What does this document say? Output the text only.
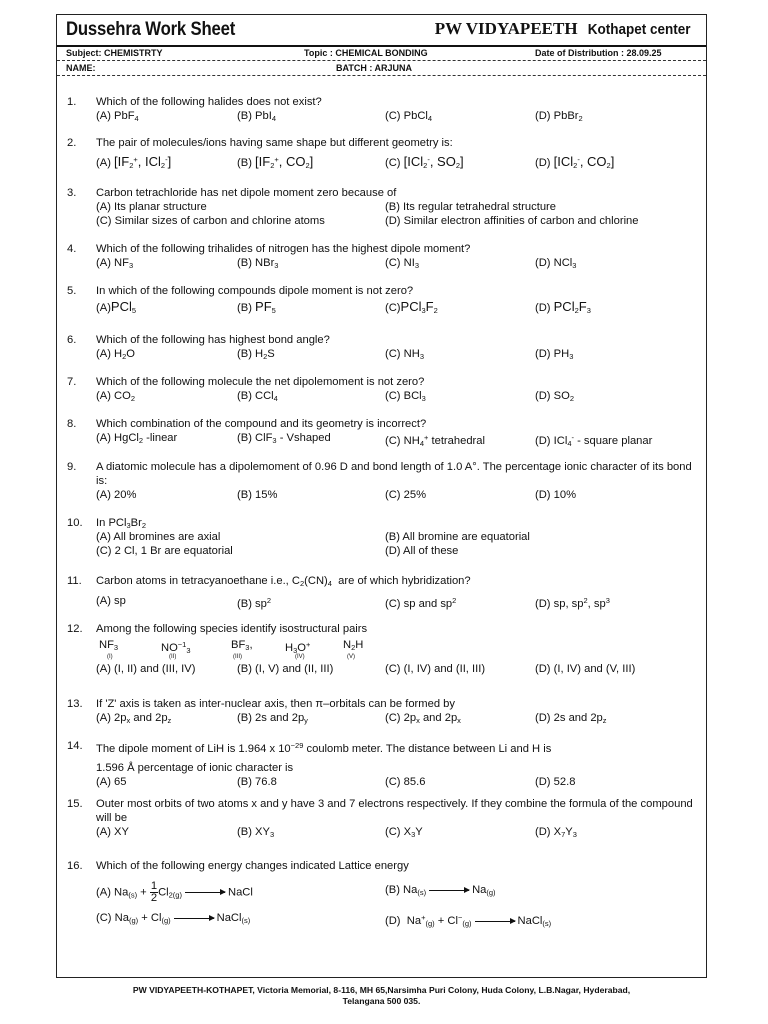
Dussehra Work Sheet	PW VIDYAPEETH Kothapet center
Subject: CHEMISTRTY	Topic : CHEMICAL BONDING	Date of Distribution : 28.09.25
NAME:	BATCH : ARJUNA
1. Which of the following halides does not exist?
(A) PbF$_4$	(B) PbI$_4$	(C) PbCl$_4$	(D) PbBr$_2$
2. The pair of molecules/ions having same shape but different geometry is:
(A) [$IF_2^+$, ICl$_2$-]	(B) [$IF_2^+$, $CO_2$]	(C) [ICl$_2$-, $SO_2$]	(D) [ICl$_2$-, $CO_2$]
3. Carbon tetrachloride has net dipole moment zero because of
(A) Its planar structure	(B) Its regular tetrahedral structure
(C) Similar sizes of carbon and chlorine atoms	(D) Similar electron affinities of carbon and chlorine
4. Which of the following trihalides of nitrogen has the highest dipole moment?
(A) $NF_3$	(B) NBr$_3$	(C) $NI_3$	(D) NCl$_3$
5. In which of the following compounds dipole moment is not zero?
(A)PCl$_5$	(B) $PF_5$	$(C)PCl_3F_2$	(D) $PCl_2F_3$
6. Which of the following has highest bond angle?
(A) $H_2O$	(B) $H_2S$	(C) $NH_3$	(D) $PH_3$
7. Which of the following molecule the net dipolemoment is not zero?
(A) $CO_2$	(B) CCl$_4$	(C) BCl$_3$	(D) $SO_2$
8. Which combination of the compound and its geometry is incorrect?
(A) HgCl$_2$ -linear	(B) ClF$_3$ - Vshaped	(C) $NH_4^+$ tetrahedral	(D) ICl$_4$- - square planar
9. A diatomic molecule has a dipolemoment of 0.96 D and bond length of 1.0 A°. The percentage ionic character of its bond is:
(A) 20%	(B) 15%	(C) 25%	(D) 10%
10. In $PCl_3Br_2$
(A) All bromines are axial	(B) All bromine are equatorial
(C) 2 Cl, 1 Br are equatorial	(D) All of these
11. Carbon atoms in tetracyanoethane i.e., $C_2(CN)_4$  are of which hybridization?
(A) sp	(B) $sp^2$	(C) sp and $sp^2$	(D) sp, $sp^2$, $sp^3$
12. Among the following species identify isostructural pairs
$NF_3$
(I)
$NO^{-1}_3$
(II)
$BF_3$,
(III)
$H_3O^+$
(IV)
$N_2H$
(V)
(A) (I, II) and (III, IV)	(B) (I, V) and (II, III)	(C) (I, IV) and (II, III)	(D) (I, IV) and (V, III)
13. If 'Z' axis is taken as inter-nuclear axis, then π–orbitals can be formed by
(A) $2p_x$ and $2p_z$	(B) 2s and $2p_y$	(C) $2p_x$ and $2p_x$	(D) 2s and $2p_z$
14. The dipole moment of LiH is 1.964 x $10^{-29}$ coulomb meter. The distance between Li and H is
1.596 Å percentage of ionic character is
(A) 65	(B) 76.8	(C) 85.6	(D) 52.8
15. Outer most orbits of two atoms x and y have 3 and 7 electrons respectively. If they combine the formula of the compound will be
(A) XY	(B) $XY_3$	(C) $X_3Y$	(D) $X_7Y_3$
16. Which of the following energy changes indicated Lattice energy
(A) $Na_{(s)} + \frac{1}{2} Cl_{2(g)}$	NaCl	(B) $Na_{(s)}$	$Na_{(g)}$
(C) $Na_{(g)} + Cl_{(g)}$	NaCl$_{(s)}$	(D)  $Na^+_{(g)} + Cl^-_{(g)}$	NaCl$_{(s)}$
PW VIDYAPEETH-KOTHAPET, Victoria Memorial, 8-116, MH 65,Narsimha Puri Colony, Huda Colony, L.B.Nagar, Hyderabad,
Telangana 500 035.
